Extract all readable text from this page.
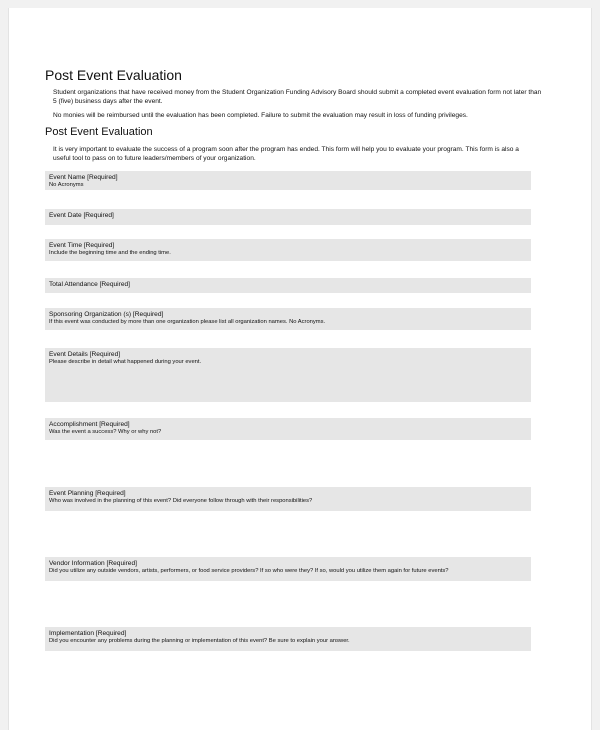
Post Event Evaluation

Student organizations that have received money from the Student Organization Funding Advisory Board should submit a completed event evaluation form not later than 5 (five) business days after the event.

No monies will be reimbursed until the evaluation has been completed. Failure to submit the evaluation may result in loss of funding privileges.

Post Event Evaluation

It is very important to evaluate the success of a program soon after the program has ended. This form will help you to evaluate your program. This form is also a useful tool to pass on to future leaders/members of your organization.

Event Name [Required]
No Acronyms
Event Date [Required]
Event Time [Required]
Include the beginning time and the ending time.
Total Attendance [Required]
Sponsoring Organization (s) [Required]
If this event was conducted by more than one organization please list all organization names. No Acronyms.
Event Details [Required]
Please describe in detail what happened during your event.
Accomplishment [Required]
Was the event a success? Why or why not?
Event Planning [Required]
Who was involved in the planning of this event? Did everyone follow through with their responsibilities?
Vendor Information [Required]
Did you utilize any outside vendors, artists, performers, or food service providers? If so who were they? If so, would you utilize them again for future events?
Implementation [Required]
Did you encounter any problems during the planning or implementation of this event? Be sure to explain your answer.
